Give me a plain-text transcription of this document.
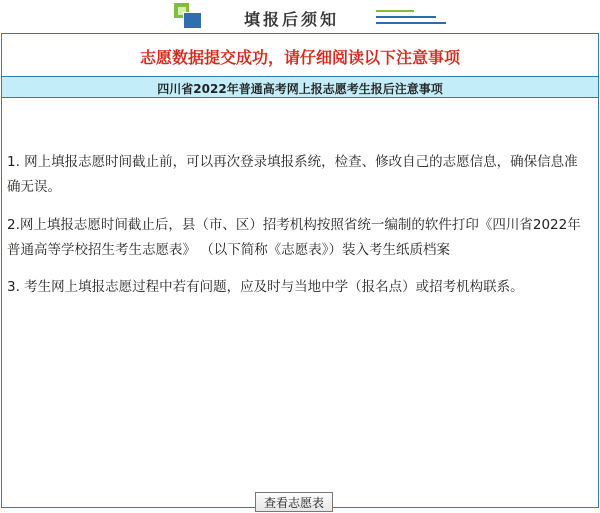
填报后须知
志愿数据提交成功，请仔细阅读以下注意事项
四川省2022年普通高考网上报志愿考生报后注意事项
1. 网上填报志愿时间截止前，可以再次登录填报系统，检查、修改自己的志愿信息，确保信息准确无误。
2.网上填报志愿时间截止后，县（市、区）招考机构按照省统一编制的软件打印《四川省2022年普通高等学校招生考生志愿表》 （以下简称《志愿表》）装入考生纸质档案
3. 考生网上填报志愿过程中若有问题，应及时与当地中学（报名点）或招考机构联系。
查看志愿表
